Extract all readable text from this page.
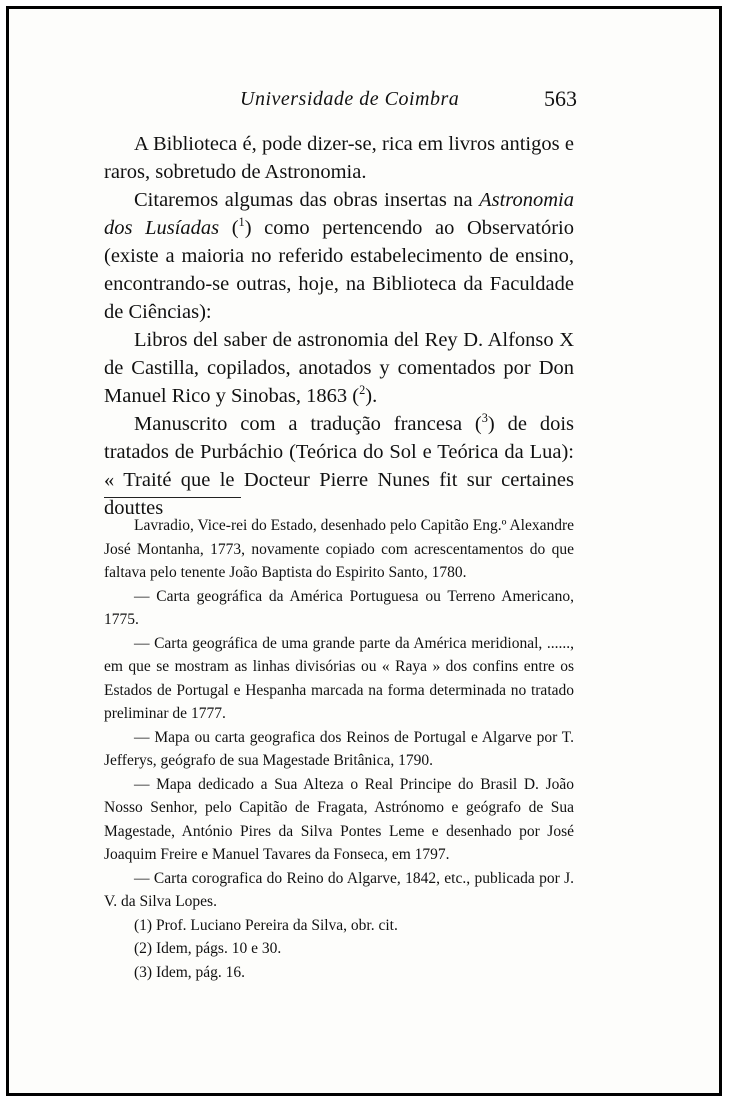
Universidade de Coimbra	563

A Biblioteca é, pode dizer-se, rica em livros antigos e raros, sobretudo de Astronomia.

Citaremos algumas das obras insertas na Astronomia dos Lusíadas ($^1$) como pertencendo ao Observatório (existe a maioria no referido estabelecimento de ensino, encontrando-se outras, hoje, na Biblioteca da Faculdade de Ciências):

Libros del saber de astronomia del Rey D. Alfonso X de Castilla, copilados, anotados y comentados por Don Manuel Rico y Sinobas, 1863 ($^2$).

Manuscrito com a tradução francesa ($^3$) de dois tratados de Purbáchio (Teórica do Sol e Teórica da Lua): « Traité que le Docteur Pierre Nunes fit sur certaines douttes

Lavradio, Vice-rei do Estado, desenhado pelo Capitão Eng.º Alexandre José Montanha, 1773, novamente copiado com acrescentamentos do que faltava pelo tenente João Baptista do Espirito Santo, 1780.

— Carta geográfica da América Portuguesa ou Terreno Americano, 1775.

— Carta geográfica de uma grande parte da América meridional, ......, em que se mostram as linhas divisórias ou « Raya » dos confins entre os Estados de Portugal e Hespanha marcada na forma determinada no tratado preliminar de 1777.

— Mapa ou carta geografica dos Reinos de Portugal e Algarve por T. Jefferys, geógrafo de sua Magestade Britânica, 1790.

— Mapa dedicado a Sua Alteza o Real Principe do Brasil D. João Nosso Senhor, pelo Capitão de Fragata, Astrónomo e geógrafo de Sua Magestade, António Pires da Silva Pontes Leme e desenhado por José Joaquim Freire e Manuel Tavares da Fonseca, em 1797.

— Carta corografica do Reino do Algarve, 1842, etc., publicada por J. V. da Silva Lopes.

(1) Prof. Luciano Pereira da Silva, obr. cit.

(2) Idem, págs. 10 e 30.

(3) Idem, pág. 16.
